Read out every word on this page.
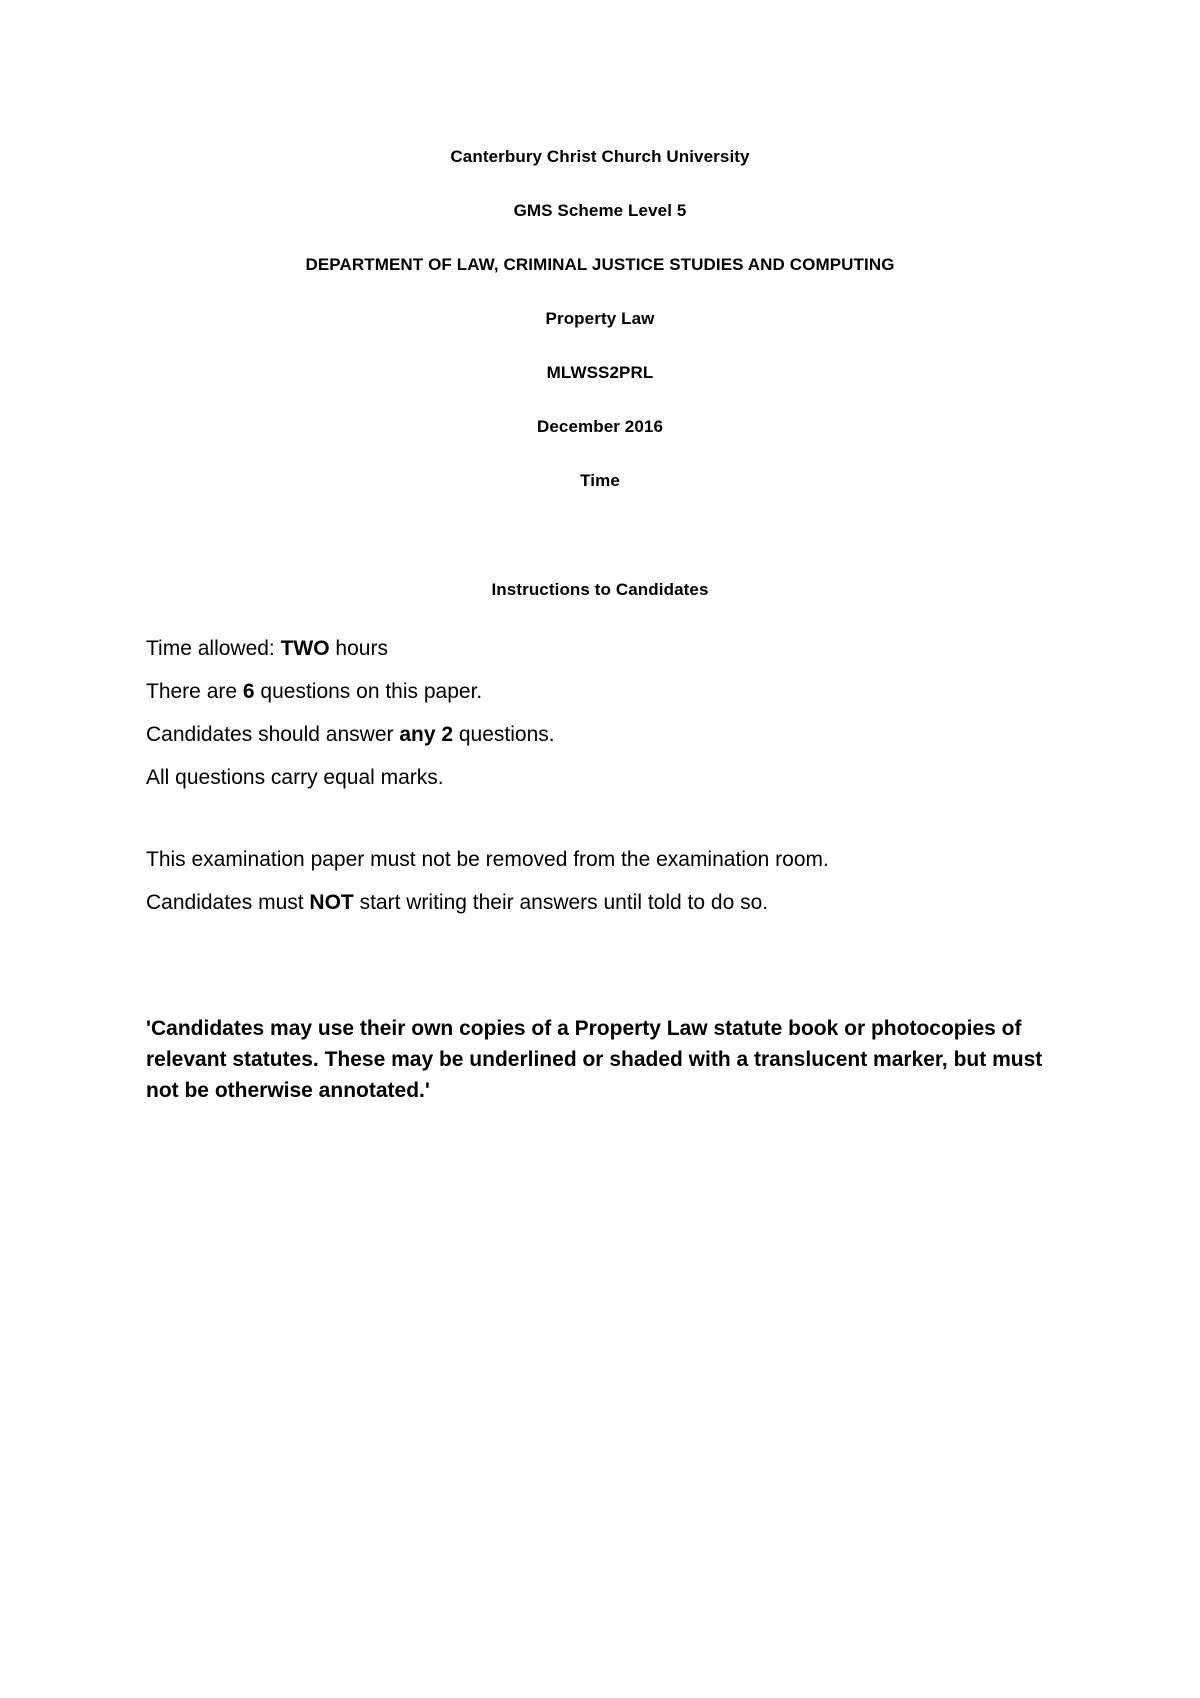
Canterbury Christ Church University
GMS Scheme Level 5
DEPARTMENT OF LAW, CRIMINAL JUSTICE STUDIES AND COMPUTING
Property Law
MLWSS2PRL
December 2016
Time
Instructions to Candidates
Time allowed: TWO hours
There are 6 questions on this paper.
Candidates should answer any 2 questions.
All questions carry equal marks.
This examination paper must not be removed from the examination room.
Candidates must NOT start writing their answers until told to do so.
'Candidates may use their own copies of a Property Law statute book or photocopies of relevant statutes. These may be underlined or shaded with a translucent marker, but must not be otherwise annotated.'
